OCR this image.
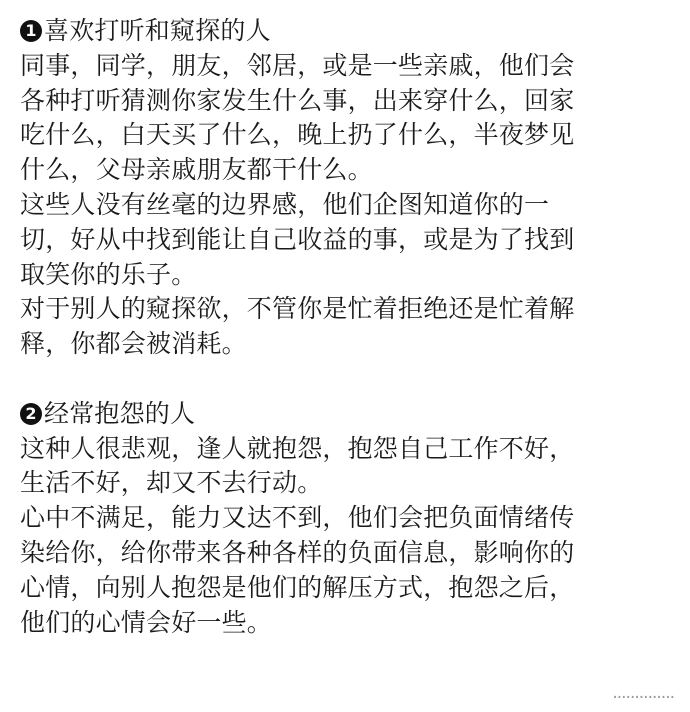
1 喜欢打听和窥探的人
同事，同学，朋友，邻居，或是一些亲戚，他们会
各种打听猜测你家发生什么事，出来穿什么，回家
吃什么，白天买了什么，晚上扔了什么，半夜梦见
什么，父母亲戚朋友都干什么。
这些人没有丝毫的边界感，他们企图知道你的一
切，好从中找到能让自己收益的事，或是为了找到
取笑你的乐子。
对于别人的窥探欲，不管你是忙着拒绝还是忙着解
释，你都会被消耗。
2 经常抱怨的人
这种人很悲观，逢人就抱怨，抱怨自己工作不好，
生活不好，却又不去行动。
心中不满足，能力又达不到，他们会把负面情绪传
染给你，给你带来各种各样的负面信息，影响你的
心情，向别人抱怨是他们的解压方式，抱怨之后，
他们的心情会好一些。
··············
